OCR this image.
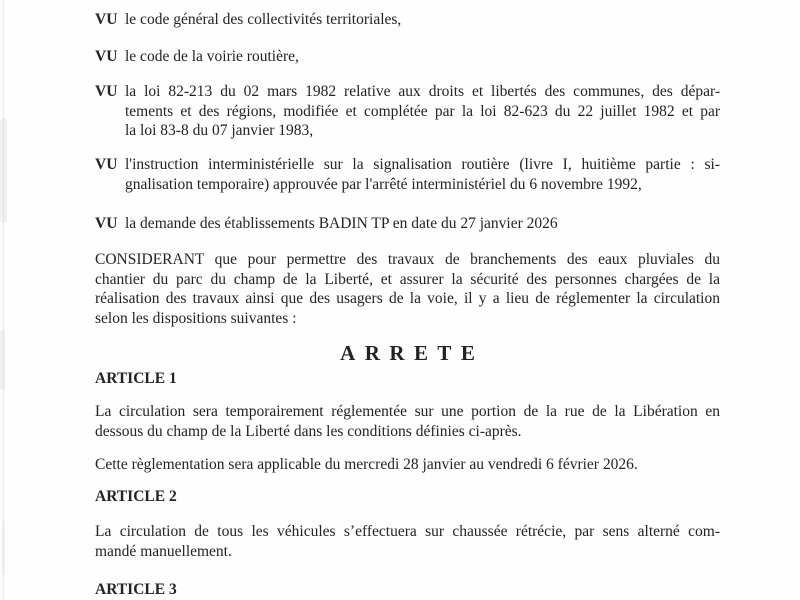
VU le code général des collectivités territoriales,
VU le code de la voirie routière,
VU la loi 82-213 du 02 mars 1982 relative aux droits et libertés des communes, des dépar-
tements et des régions, modifiée et complétée par la loi 82-623 du 22 juillet 1982 et par
la loi 83-8 du 07 janvier 1983,
VU l'instruction interministérielle sur la signalisation routière (livre I, huitième partie : si-
gnalisation temporaire) approuvée par l'arrêté interministériel du 6 novembre 1992,
VU la demande des établissements BADIN TP en date du 27 janvier 2026
CONSIDERANT que pour permettre des travaux de branchements des eaux pluviales du
chantier du parc du champ de la Liberté, et assurer la sécurité des personnes chargées de la
réalisation des travaux ainsi que des usagers de la voie, il y a lieu de réglementer la circulation
selon les dispositions suivantes :
ARRETE
ARTICLE 1
La circulation sera temporairement réglementée sur une portion de la rue de la Libération en
dessous du champ de la Liberté dans les conditions définies ci-après.
Cette règlementation sera applicable du mercredi 28 janvier au vendredi 6 février 2026.
ARTICLE 2
La circulation de tous les véhicules s’effectuera sur chaussée rétrécie, par sens alterné com-
mandé manuellement.
ARTICLE 3
